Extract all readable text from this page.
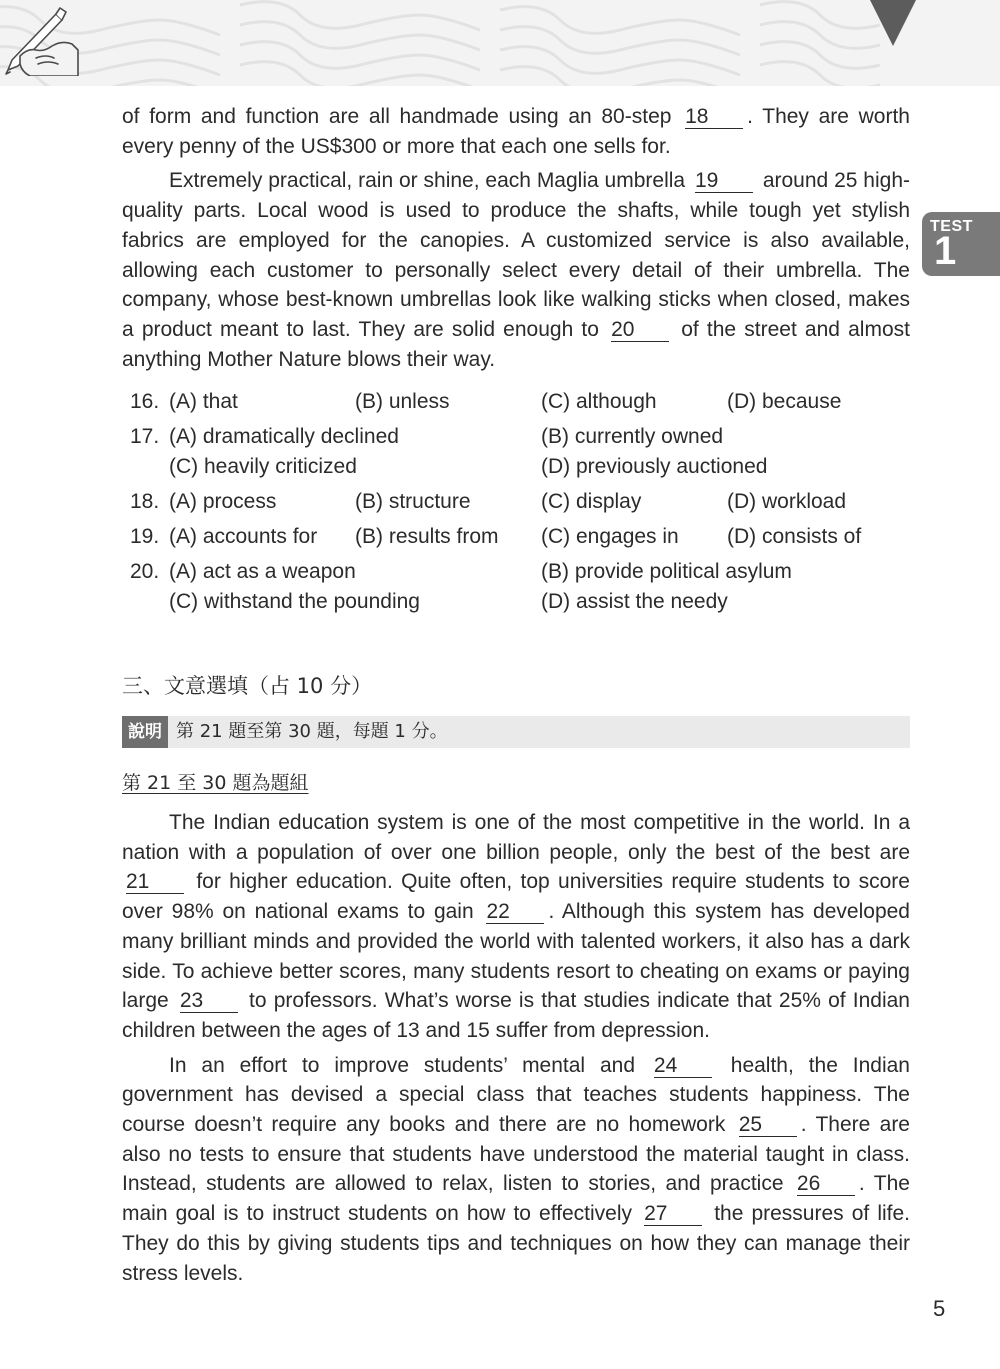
TEST
1

of form and function are all handmade using an 80-step 18 . They are worth every penny of the US$300 or more that each one sells for.

Extremely practical, rain or shine, each Maglia umbrella 19 around 25 high-quality parts. Local wood is used to produce the shafts, while tough yet stylish fabrics are employed for the canopies. A customized service is also available, allowing each customer to personally select every detail of their umbrella. The company, whose best-known umbrellas look like walking sticks when closed, makes a product meant to last. They are solid enough to 20 of the street and almost anything Mother Nature blows their way.

16. (A) that	(B) unless	(C) although	(D) because
17. (A) dramatically declined	(B) currently owned
(C) heavily criticized	(D) previously auctioned
18. (A) process	(B) structure	(C) display	(D) workload
19. (A) accounts for (B) results from (C) engages in (D) consists of
20. (A) act as a weapon	(B) provide political asylum
(C) withstand the pounding	(D) assist the needy
三、文意選填（占 10 分）
說明 第 21 題至第 30 題，每題 1 分。
第 21 至 30 題為題組

The Indian education system is one of the most competitive in the world. In a nation with a population of over one billion people, only the best of the best are 21 for higher education. Quite often, top universities require students to score over 98% on national exams to gain 22 . Although this system has developed many brilliant minds and provided the world with talented workers, it also has a dark side. To achieve better scores, many students resort to cheating on exams or paying large 23 to professors. What’s worse is that studies indicate that 25% of Indian children between the ages of 13 and 15 suffer from depression.

In an effort to improve students’ mental and 24	health, the Indian government has devised a special class that teaches students happiness. The course doesn’t require any books and there are no homework 25 . There are also no tests to ensure that students have understood the material taught in class. Instead, students are allowed to relax, listen to stories, and practice 26 . The main goal is to instruct students on how to effectively 27 the pressures of life. They do this by giving students tips and techniques on how they can manage their stress levels.

5
